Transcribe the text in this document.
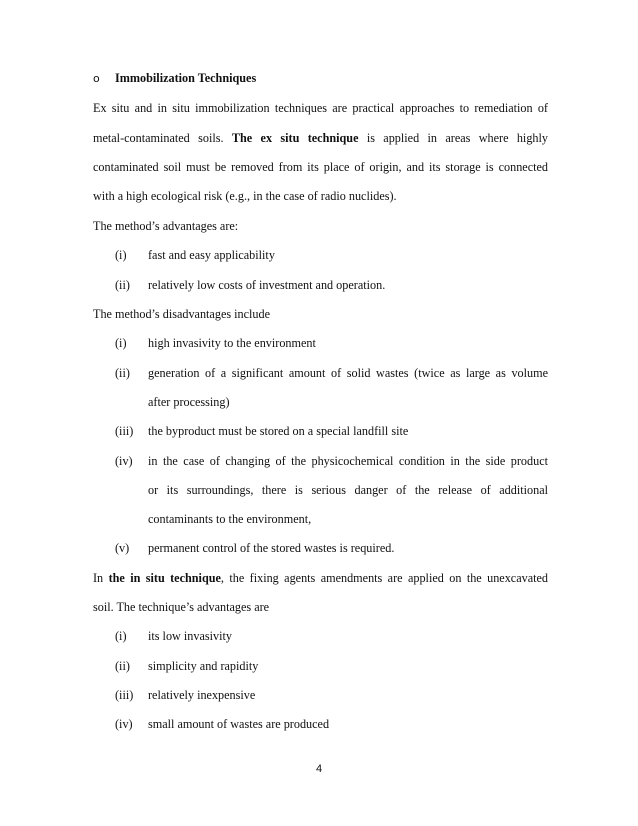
o Immobilization Techniques
Ex situ and in situ immobilization techniques are practical approaches to remediation of
metal-contaminated soils. The ex situ technique is applied in areas where highly
contaminated soil must be removed from its place of origin, and its storage is connected
with a high ecological risk (e.g., in the case of radio nuclides).
The method’s advantages are:
(i) fast and easy applicability
(ii) relatively low costs of investment and operation.
The method’s disadvantages include
(i) high invasivity to the environment
(ii) generation of a significant amount of solid wastes (twice as large as volume
after processing)
(iii) the byproduct must be stored on a special landfill site
(iv) in the case of changing of the physicochemical condition in the side product
or its surroundings, there is serious danger of the release of additional
contaminants to the environment,
(v) permanent control of the stored wastes is required.
In the in situ technique, the fixing agents amendments are applied on the unexcavated
soil. The technique’s advantages are
(i) its low invasivity
(ii) simplicity and rapidity
(iii) relatively inexpensive
(iv) small amount of wastes are produced
4
